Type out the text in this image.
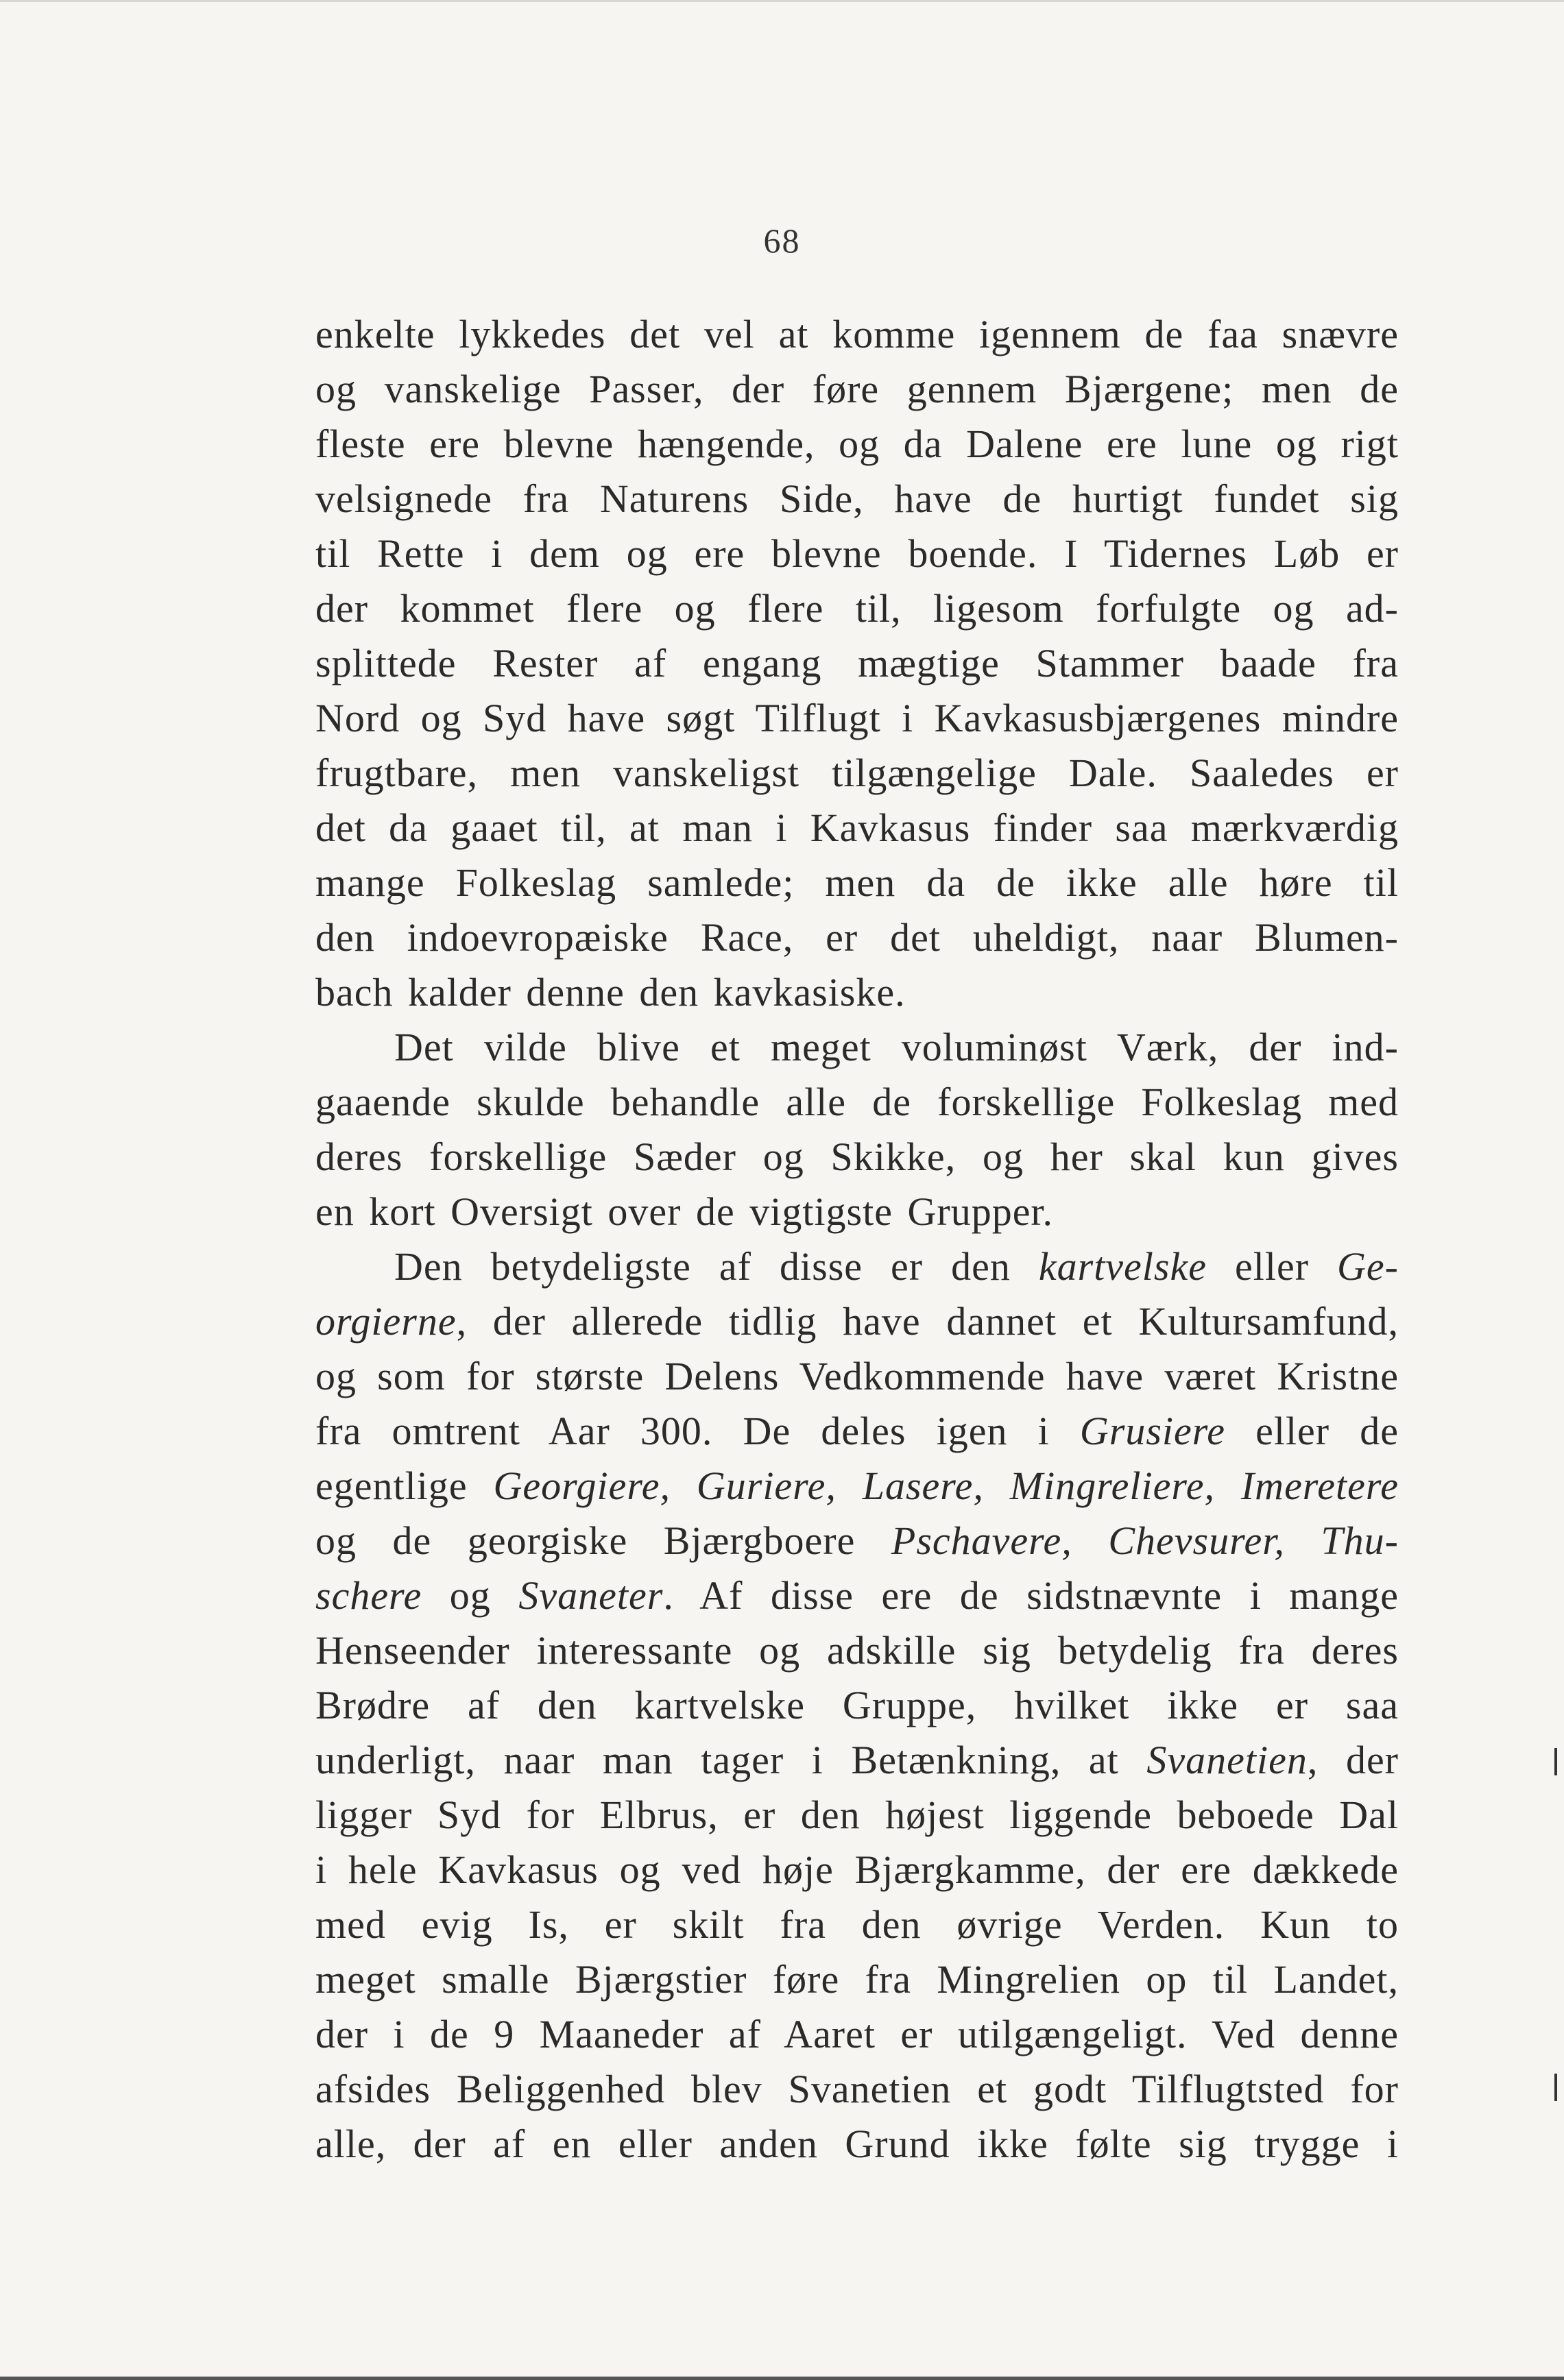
68
enkelte lykkedes det vel at komme igennem de faa snævre
og vanskelige Passer, der føre gennem Bjærgene; men de
fleste ere blevne hængende, og da Dalene ere lune og rigt
velsignede fra Naturens Side, have de hurtigt fundet sig
til Rette i dem og ere blevne boende. I Tidernes Løb er
der kommet flere og flere til, ligesom forfulgte og ad-
splittede Rester af engang mægtige Stammer baade fra
Nord og Syd have søgt Tilflugt i Kavkasusbjærgenes mindre
frugtbare, men vanskeligst tilgængelige Dale. Saaledes er
det da gaaet til, at man i Kavkasus finder saa mærkværdig
mange Folkeslag samlede; men da de ikke alle høre til
den indoevropæiske Race, er det uheldigt, naar Blumen-
bach kalder denne den kavkasiske.
Det vilde blive et meget voluminøst Værk, der ind-
gaaende skulde behandle alle de forskellige Folkeslag med
deres forskellige Sæder og Skikke, og her skal kun gives
en kort Oversigt over de vigtigste Grupper.
Den betydeligste af disse er den kartvelske eller Ge-
orgierne, der allerede tidlig have dannet et Kultursamfund,
og som for største Delens Vedkommende have været Kristne
fra omtrent Aar 300. De deles igen i Grusiere eller de
egentlige Georgiere, Guriere, Lasere, Mingreliere, Imeretere
og de georgiske Bjærgboere Pschavere, Chevsurer, Thu-
schere og Svaneter. Af disse ere de sidstnævnte i mange
Henseender interessante og adskille sig betydelig fra deres
Brødre af den kartvelske Gruppe, hvilket ikke er saa
underligt, naar man tager i Betænkning, at Svanetien, der
ligger Syd for Elbrus, er den højest liggende beboede Dal
i hele Kavkasus og ved høje Bjærgkamme, der ere dækkede
med evig Is, er skilt fra den øvrige Verden. Kun to
meget smalle Bjærgstier føre fra Mingrelien op til Landet,
der i de 9 Maaneder af Aaret er utilgængeligt. Ved denne
afsides Beliggenhed blev Svanetien et godt Tilflugtsted for
alle, der af en eller anden Grund ikke følte sig trygge i
